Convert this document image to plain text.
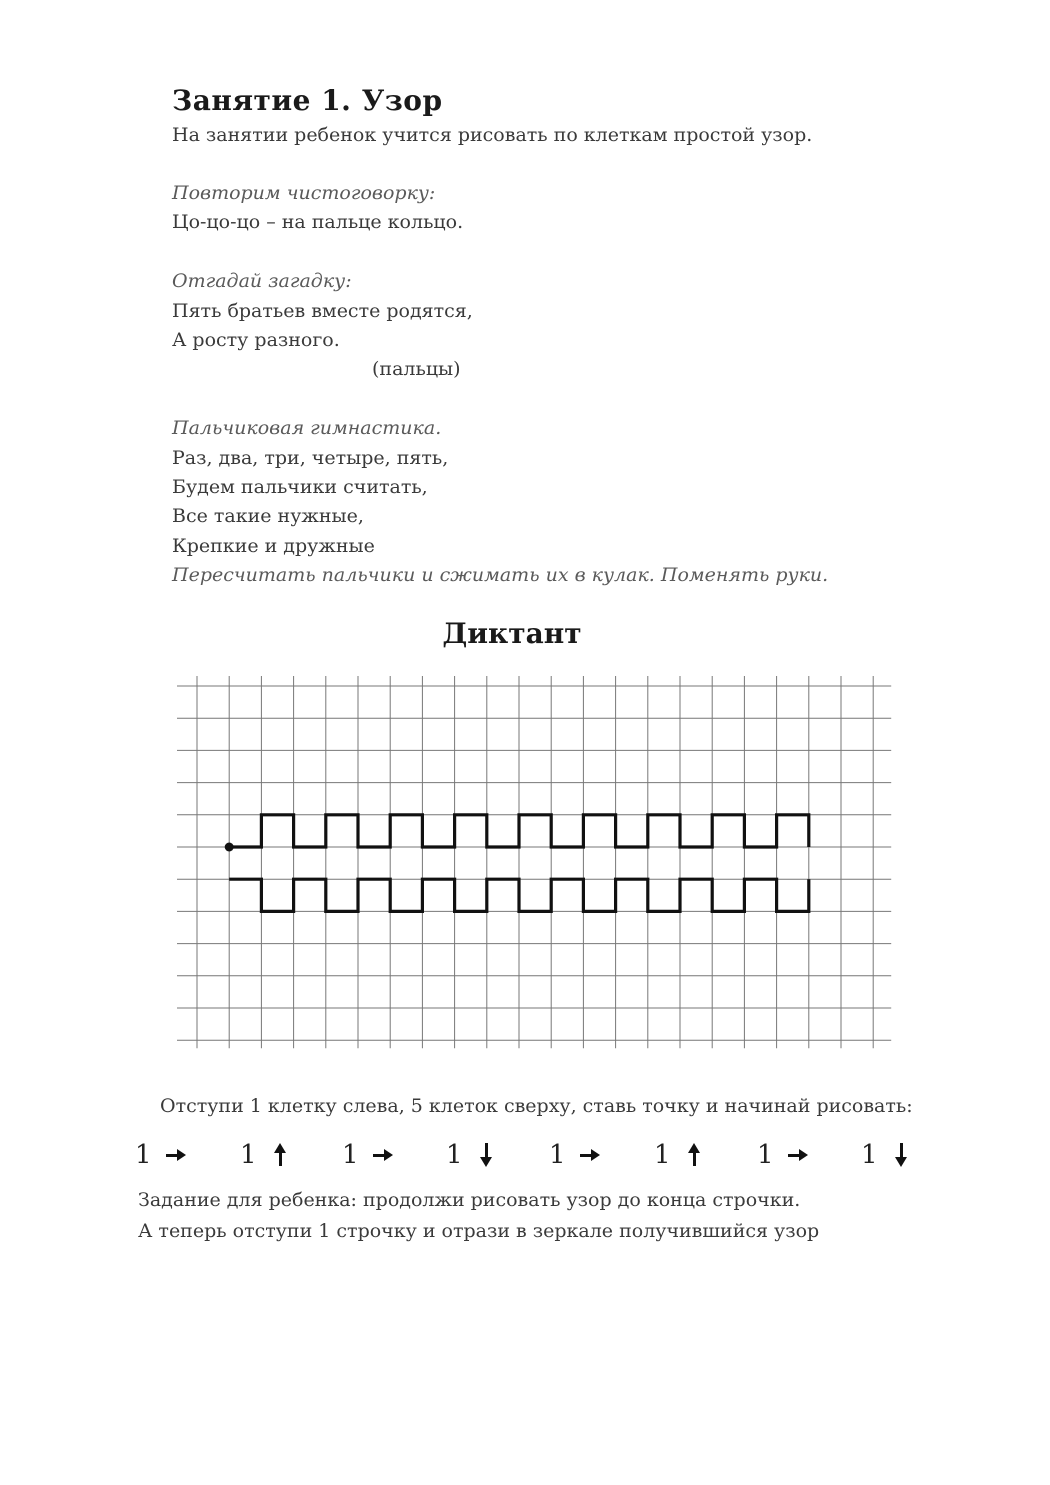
Занятие 1. Узор
На занятии ребенок учится рисовать по клеткам простой узор.
Повторим чистоговорку:
Цо-цо-цо – на пальце кольцо.
Отгадай загадку:
Пять братьев вместе родятся,
А росту разного.
(пальцы)
Пальчиковая гимнастика.
Раз, два, три, четыре, пять,
Будем пальчики считать,
Все такие нужные,
Крепкие и дружные
Пересчитать пальчики и сжимать их в кулак. Поменять руки.
Диктант
Отступи 1 клетку слева, 5 клеток сверху, ставь точку и начинай рисовать:
1	1	1	1	1	1	1	1
Задание для ребенка: продолжи рисовать узор до конца строчки.
А теперь отступи 1 строчку и отрази в зеркале получившийся узор
